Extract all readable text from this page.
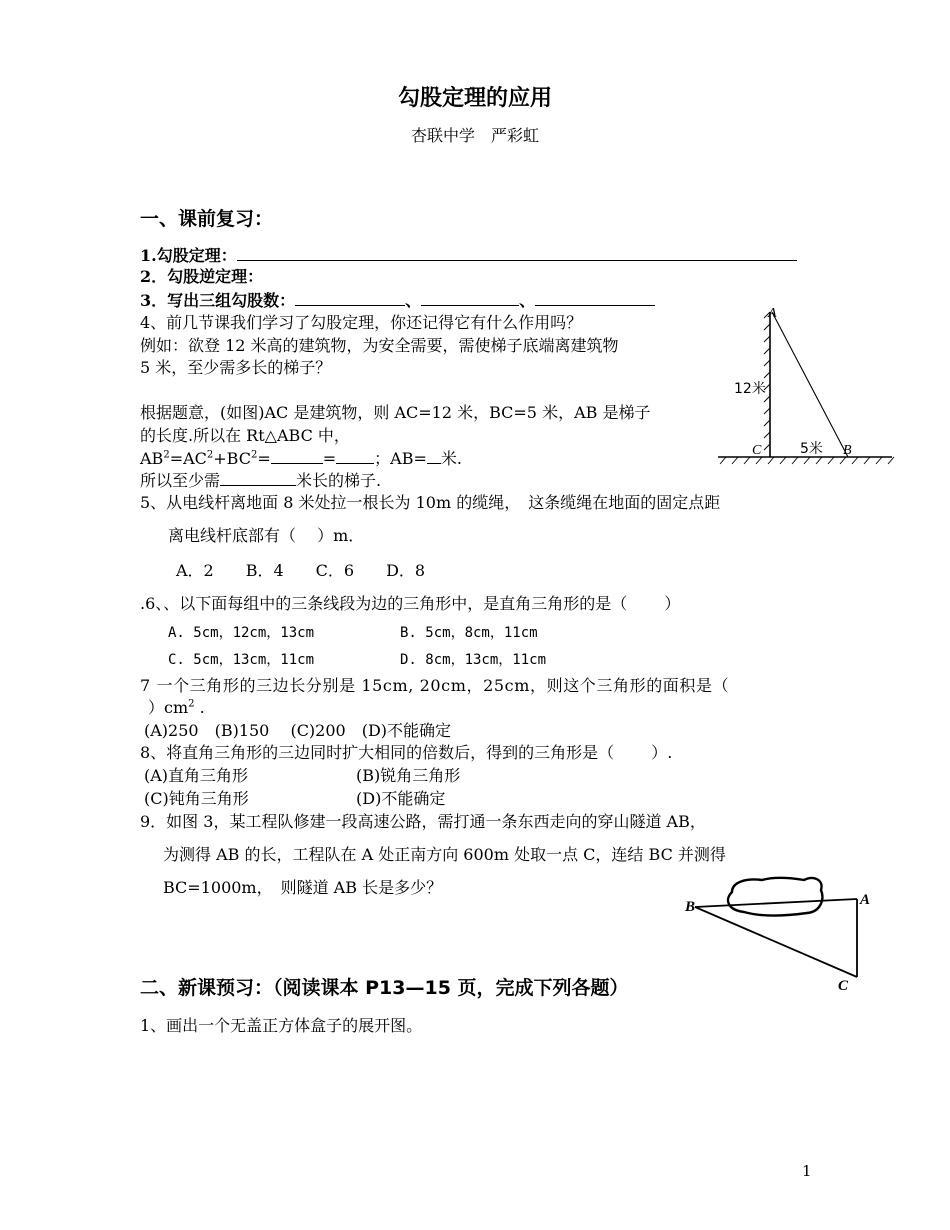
勾股定理的应用
杏联中学　严彩虹
一、课前复习：
1.勾股定理：
2．勾股逆定理：
3．写出三组勾股数：	、	、
4、前几节课我们学习了勾股定理，你还记得它有什么作用吗？
例如：欲登 12 米高的建筑物，为安全需要，需使梯子底端离建筑物
5 米，至少需多长的梯子？
根据题意，(如图)AC 是建筑物，则 AC=12 米，BC=5 米，AB 是梯子
的长度.所以在 Rt△ABC 中，
$AB^2=AC^2+BC^2=$	= ；AB= 米.
所以至少需	米长的梯子.
A
12米
C	5米 B
5、从电线杆离地面 8 米处拉一根长为 10m 的缆绳，　这条缆绳在地面的固定点距
离电线杆底部有（　 ）m．
A．2　　B．4　　C．6　　D．8
.6、、以下面每组中的三条线段为边的三角形中，是直角三角形的是（　　 ）
A. 5cm，12cm，13cm	B. 5cm，8cm，11cm
C. 5cm，13cm，11cm	D. 8cm，13cm，11cm
7 一个三角形的三边长分别是 15cm, 20cm，25cm，则这个三角形的面积是（
）$cm^2$ .
(A)250　(B)150　 (C)200　(D)不能确定
8、将直角三角形的三边同时扩大相同的倍数后，得到的三角形是（　　 ）.
(A)直角三角形	(B)锐角三角形
(C)钝角三角形	(D)不能确定
9．如图 3，某工程队修建一段高速公路，需打通一条东西走向的穿山隧道 AB，
为测得 AB 的长，工程队在 A 处正南方向 600m 处取一点 C，连结 BC 并测得
BC=1000m，　则隧道 AB 长是多少？
B	A
C
二、新课预习：（阅读课本 P13—15 页，完成下列各题）
1、画出一个无盖正方体盒子的展开图。
1
